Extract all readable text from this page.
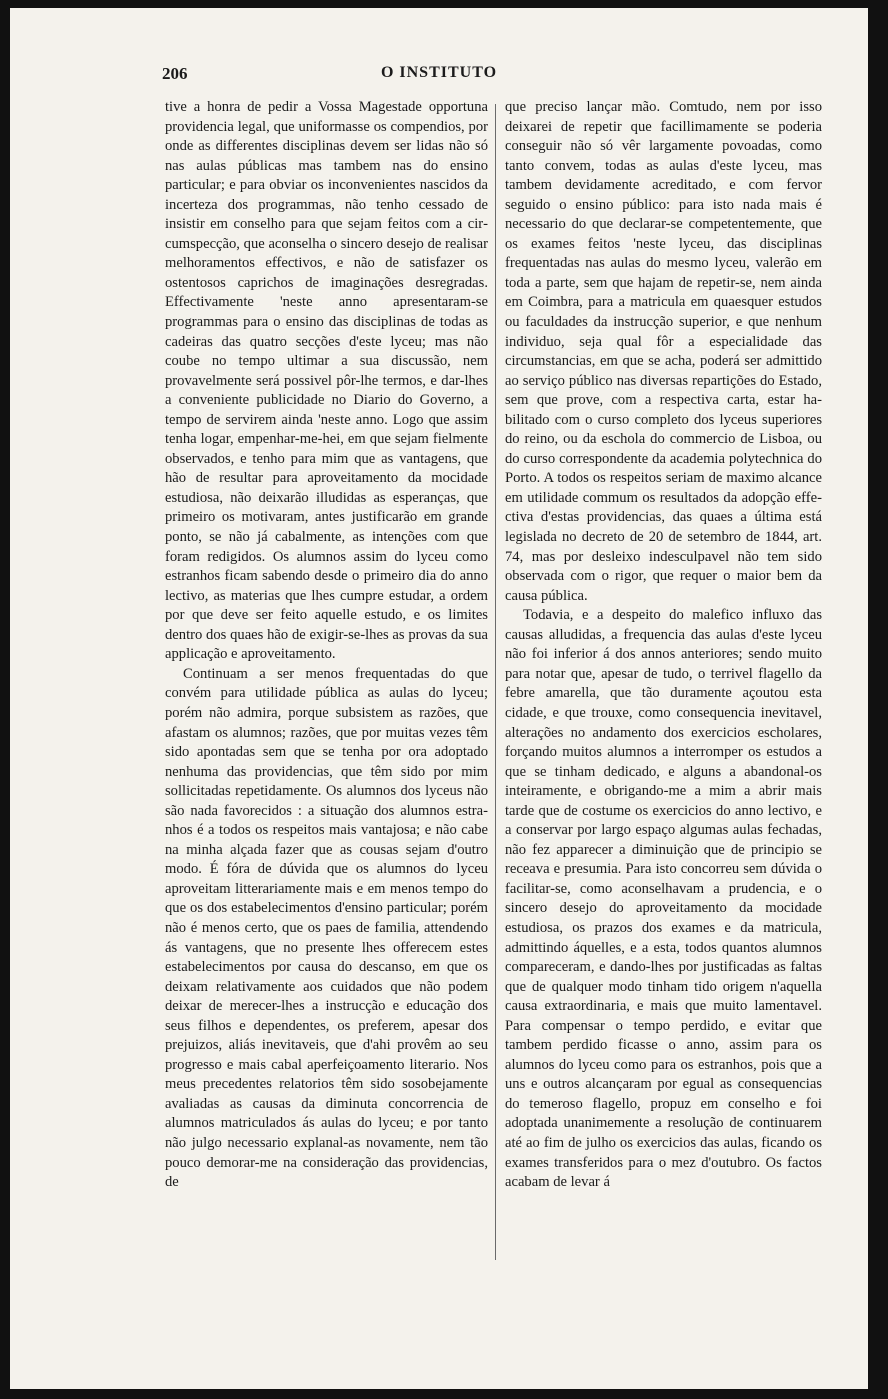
206	O INSTITUTO

tive a honra de pedir a Vossa Magestade opportuna providencia legal, que uniformasse os compendios, por onde as differentes disciplinas devem ser lidas não só nas aulas públicas mas tambem nas do ensino particular; e para obviar os inconvenientes nascidos da incerteza dos programmas, não tenho cessado de insistir em conselho para que sejam feitos com a circumspecção, que aconselha o sincero desejo de realisar melhoramentos effectivos, e não de satisfazer os ostentosos caprichos de imaginações desregradas. Effectivamente 'neste anno apresentaram-se programmas para o ensino das disciplinas de todas as cadeiras das quatro secções d'este lyceu; mas não coube no tempo ultimar a sua discussão, nem provavelmente será possivel pôr-lhe termos, e dar-lhes a conveniente publicidade no Diario do Governo, a tempo de servirem ainda 'neste anno. Logo que assim tenha logar, empenhar-me-hei, em que sejam fielmente observados, e tenho para mim que as vantagens, que hão de resultar para aproveitamento da mocidade estudiosa, não deixarão illudidas as esperanças, que primeiro os motivaram, antes justificarão em grande ponto, se não já cabalmente, as intenções com que foram redigidos. Os alumnos assim do lyceu como estranhos ficam sabendo desde o primeiro dia do anno lectivo, as materias que lhes cumpre estudar, a ordem por que deve ser feito aquelle estudo, e os limites dentro dos quaes hão de exigir-se-lhes as provas da sua applicação e aproveitamento.

Continuam a ser menos frequentadas do que convém para utilidade pública as aulas do lyceu; porém não admira, porque subsistem as razões, que afastam os alumnos; razões, que por muitas vezes têm sido apontadas sem que se tenha por ora adoptado nenhuma das providencias, que têm sido por mim sollicitadas repetidamente. Os alumnos dos lyceus não são nada favorecidos : a situação dos alumnos estranhos é a todos os respeitos mais vantajosa; e não cabe na minha alçada fazer que as cousas sejam d'outro modo. É fóra de dúvida que os alumnos do lyceu aproveitam litterariamente mais e em menos tempo do que os dos estabelecimentos d'ensino particular; porém não é menos certo, que os paes de familia, attendendo ás vantagens, que no presente lhes offerecem estes estabelecimentos por causa do descanso, em que os deixam relativamente aos cuidados que não podem deixar de merecer-lhes a instrucção e educação dos seus filhos e dependentes, os preferem, apesar dos prejuizos, aliás inevitaveis, que d'ahi provêm ao seu progresso e mais cabal aperfeiçoamento literario. Nos meus precedentes relatorios têm sido sosobejamente avaliadas as causas da diminuta concorrencia de alumnos matriculados ás aulas do lyceu; e por tanto não julgo necessario explanal-as novamente, nem tão pouco demorar-me na consideração das providencias, de

que preciso lançar mão. Comtudo, nem por isso deixarei de repetir que facillimamente se poderia conseguir não só vêr largamente povoadas, como tanto convem, todas as aulas d'este lyceu, mas tambem devidamente acreditado, e com fervor seguido o ensino público: para isto nada mais é necessario do que declarar-se competentemente, que os exames feitos 'neste lyceu, das disciplinas frequentadas nas aulas do mesmo lyceu, valerão em toda a parte, sem que hajam de repetir-se, nem ainda em Coimbra, para a matricula em quaesquer estudos ou faculdades da instrucção superior, e que nenhum individuo, seja qual fôr a especialidade das circumstancias, em que se acha, poderá ser admittido ao serviço público nas diversas repartições do Estado, sem que prove, com a respectiva carta, estar habilitado com o curso completo dos lyceus superiores do reino, ou da eschola do commercio de Lisboa, ou do curso correspondente da academia polytechnica do Porto. A todos os respeitos seriam de maximo alcance em utilidade commum os resultados da adopção effectiva d'estas providencias, das quaes a última está legislada no decreto de 20 de setembro de 1844, art. 74, mas por desleixo indesculpavel não tem sido observada com o rigor, que requer o maior bem da causa pública.

Todavia, e a despeito do malefico influxo das causas alludidas, a frequencia das aulas d'este lyceu não foi inferior á dos annos anteriores; sendo muito para notar que, apesar de tudo, o terrivel flagello da febre amarella, que tão duramente açoutou esta cidade, e que trouxe, como consequencia inevitavel, alterações no andamento dos exercicios escholares, forçando muitos alumnos a interromper os estudos a que se tinham dedicado, e alguns a abandonal-os inteiramente, e obrigando-me a mim a abrir mais tarde que de costume os exercicios do anno lectivo, e a conservar por largo espaço algumas aulas fechadas, não fez apparecer a diminuição que de principio se receava e presumia. Para isto concorreu sem dúvida o facilitar-se, como aconselhavam a prudencia, e o sincero desejo do aproveitamento da mocidade estudiosa, os prazos dos exames e da matricula, admittindo áquelles, e a esta, todos quantos alumnos compareceram, e dando-lhes por justificadas as faltas que de qualquer modo tinham tido origem n'aquella causa extraordinaria, e mais que muito lamentavel. Para compensar o tempo perdido, e evitar que tambem perdido ficasse o anno, assim para os alumnos do lyceu como para os estranhos, pois que a uns e outros alcançaram por egual as consequencias do temeroso flagello, propuz em conselho e foi adoptada unanimemente a resolução de continuarem até ao fim de julho os exercicios das aulas, ficando os exames transferidos para o mez d'outubro. Os factos acabam de levar á
